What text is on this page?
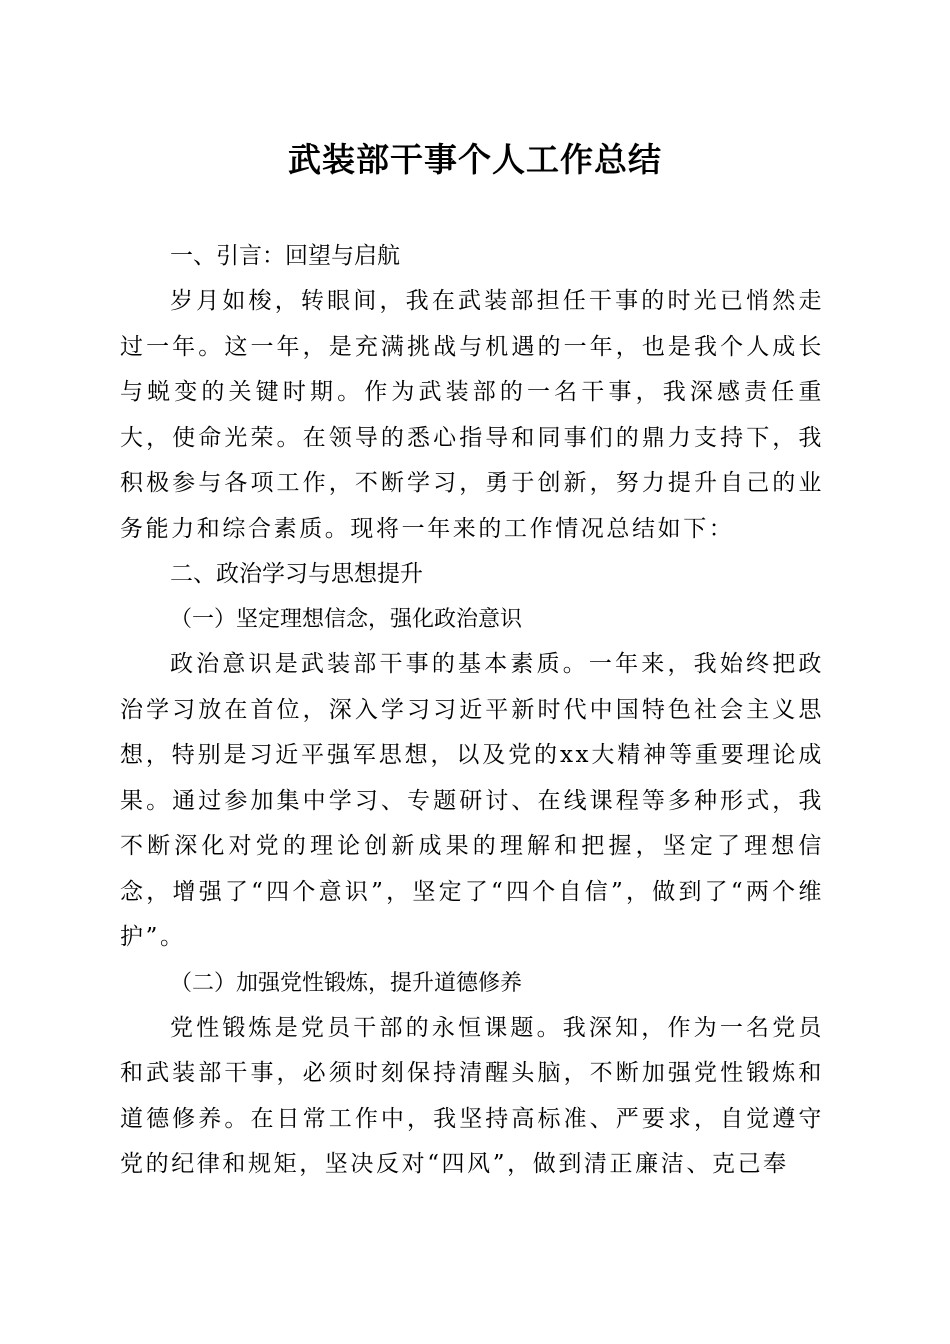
武装部干事个人工作总结
一、引言：回望与启航

岁月如梭，转眼间，我在武装部担任干事的时光已悄然走过一年。这一年，是充满挑战与机遇的一年，也是我个人成长与蜕变的关键时期。作为武装部的一名干事，我深感责任重大，使命光荣。在领导的悉心指导和同事们的鼎力支持下，我积极参与各项工作，不断学习，勇于创新，努力提升自己的业务能力和综合素质。现将一年来的工作情况总结如下：

二、政治学习与思想提升
（一）坚定理想信念，强化政治意识

政治意识是武装部干事的基本素质。一年来，我始终把政治学习放在首位，深入学习习近平新时代中国特色社会主义思想，特别是习近平强军思想，以及党的xx大精神等重要理论成果。通过参加集中学习、专题研讨、在线课程等多种形式，我不断深化对党的理论创新成果的理解和把握，坚定了理想信念，增强了“四个意识”，坚定了“四个自信”，做到了“两个维护”。

（二）加强党性锻炼，提升道德修养

党性锻炼是党员干部的永恒课题。我深知，作为一名党员和武装部干事，必须时刻保持清醒头脑，不断加强党性锻炼和道德修养。在日常工作中，我坚持高标准、严要求，自觉遵守党的纪律和规矩，坚决反对“四风”，做到清正廉洁、克己奉
